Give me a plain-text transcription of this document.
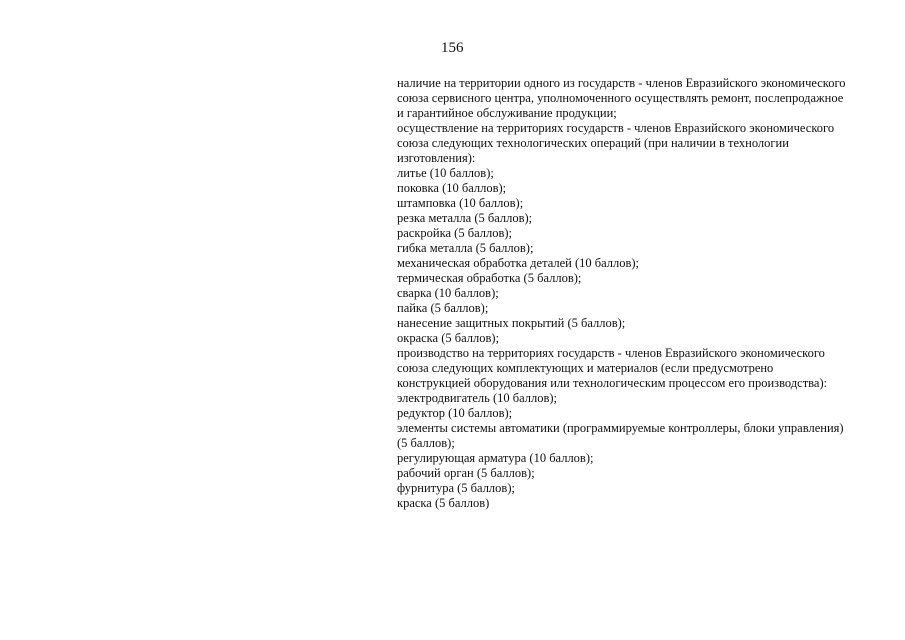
156
наличие на территории одного из государств - членов Евразийского экономического
союза сервисного центра, уполномоченного осуществлять ремонт, послепродажное
и гарантийное обслуживание продукции;
осуществление на территориях государств - членов Евразийского экономического
союза следующих технологических операций (при наличии в технологии
изготовления):
литье (10 баллов);
поковка (10 баллов);
штамповка (10 баллов);
резка металла (5 баллов);
раскройка (5 баллов);
гибка металла (5 баллов);
механическая обработка деталей (10 баллов);
термическая обработка (5 баллов);
сварка (10 баллов);
пайка (5 баллов);
нанесение защитных покрытий (5 баллов);
окраска (5 баллов);
производство на территориях государств - членов Евразийского экономического
союза следующих комплектующих и материалов (если предусмотрено
конструкцией оборудования или технологическим процессом его производства):
электродвигатель (10 баллов);
редуктор (10 баллов);
элементы системы автоматики (программируемые контроллеры, блоки управления)
(5 баллов);
регулирующая арматура (10 баллов);
рабочий орган (5 баллов);
фурнитура (5 баллов);
краска (5 баллов)
